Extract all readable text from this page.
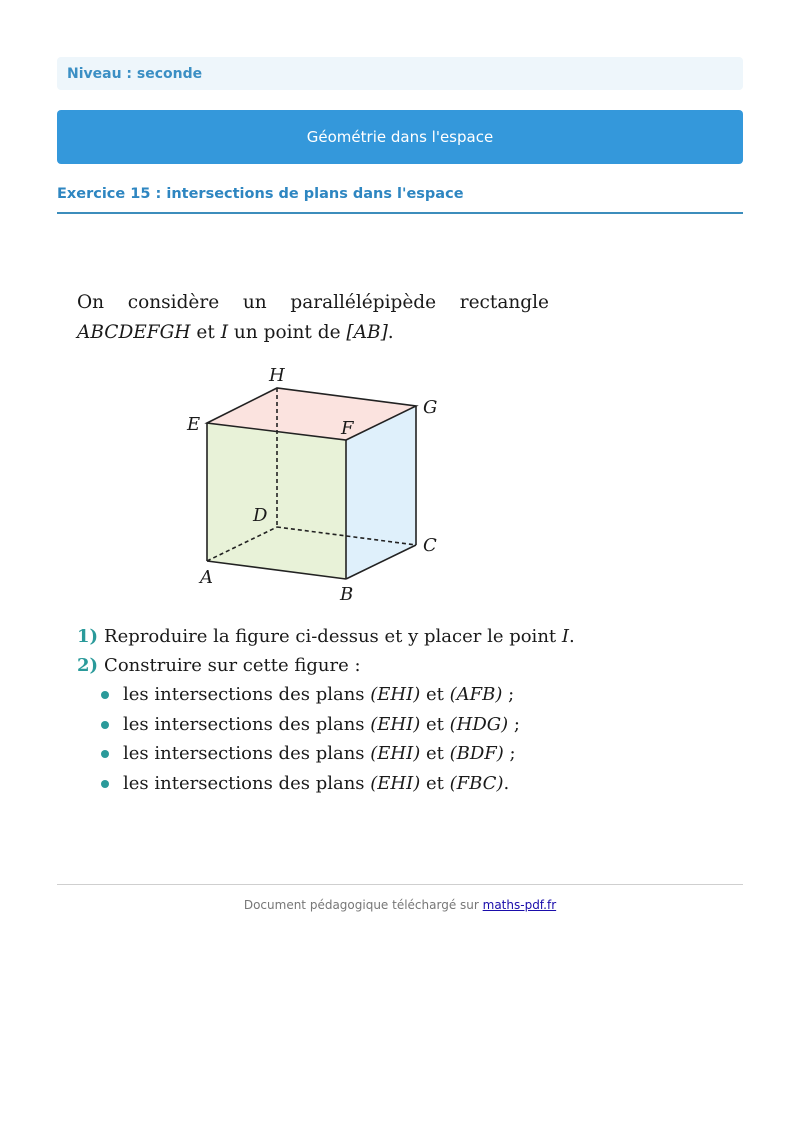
Niveau : seconde
Géométrie dans l'espace
Exercice 15 : intersections de plans dans l'espace
On considère un parallélépipède rectangle
ABCDEFGH et I un point de [AB].
H
G
E	F
D
C
A
B
1) Reproduire la figure ci-dessus et y placer le point I.
2) Construire sur cette figure :
les intersections des plans (EHI) et (AFB) ;
les intersections des plans (EHI) et (HDG) ;
les intersections des plans (EHI) et (BDF) ;
les intersections des plans (EHI) et (FBC).
Document pédagogique téléchargé sur maths-pdf.fr
